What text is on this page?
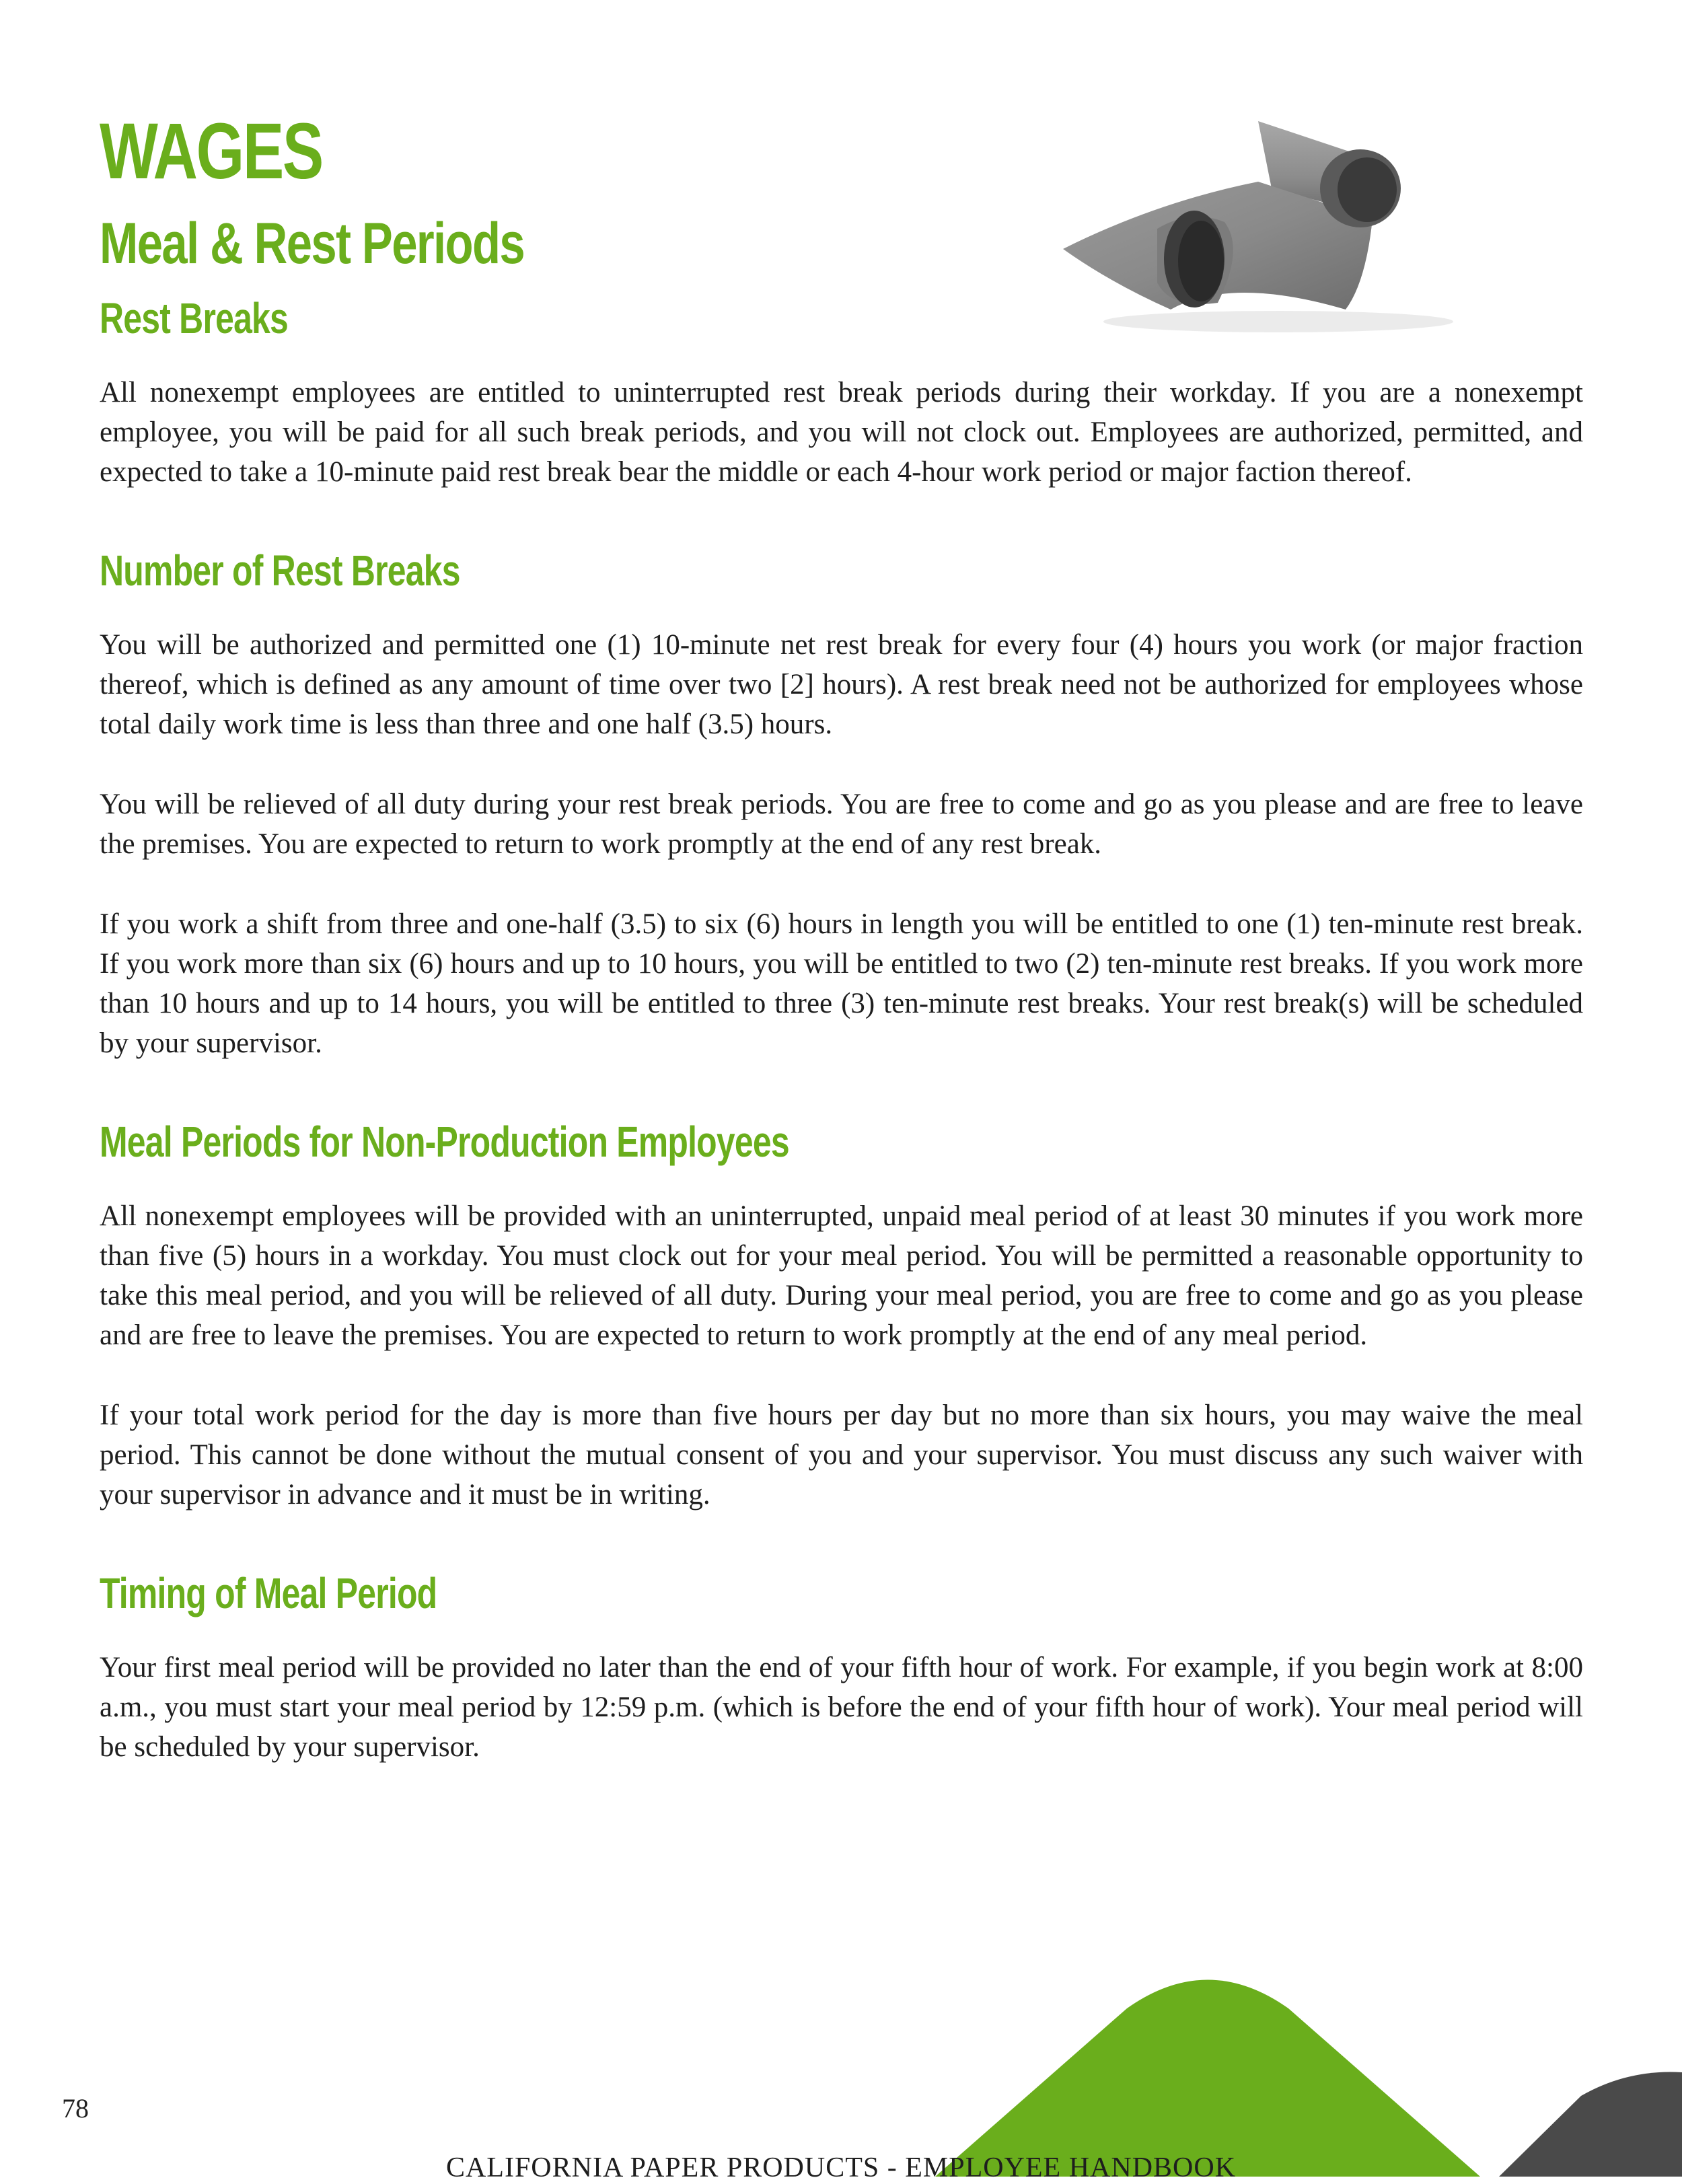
WAGES
Meal & Rest Periods
Rest Breaks

All nonexempt employees are entitled to uninterrupted rest break periods during their workday. If you are a nonexempt employee, you will be paid for all such break periods, and you will not clock out. Employees are authorized, permitted, and expected to take a 10-minute paid rest break bear the middle or each 4-hour work period or major faction thereof.

Number of Rest Breaks

You will be authorized and permitted one (1) 10-minute net rest break for every four (4) hours you work (or major fraction thereof, which is defined as any amount of time over two [2] hours). A rest break need not be authorized for employees whose total daily work time is less than three and one half (3.5) hours.

You will be relieved of all duty during your rest break periods. You are free to come and go as you please and are free to leave the premises. You are expected to return to work promptly at the end of any rest break.

If you work a shift from three and one-half (3.5) to six (6) hours in length you will be entitled to one (1) ten-minute rest break. If you work more than six (6) hours and up to 10 hours, you will be entitled to two (2) ten-minute rest breaks. If you work more than 10 hours and up to 14 hours, you will be entitled to three (3) ten-minute rest breaks. Your rest break(s) will be scheduled by your supervisor.

Meal Periods for Non-Production Employees

All nonexempt employees will be provided with an uninterrupted, unpaid meal period of at least 30 minutes if you work more than five (5) hours in a workday. You must clock out for your meal period. You will be permitted a reasonable opportunity to take this meal period, and you will be relieved of all duty. During your meal period, you are free to come and go as you please and are free to leave the premises. You are expected to return to work promptly at the end of any meal period.

If your total work period for the day is more than five hours per day but no more than six hours, you may waive the meal period. This cannot be done without the mutual consent of you and your supervisor. You must discuss any such waiver with your supervisor in advance and it must be in writing.

Timing of Meal Period

Your first meal period will be provided no later than the end of your fifth hour of work. For example, if you begin work at 8:00 a.m., you must start your meal period by 12:59 p.m. (which is before the end of your fifth hour of work). Your meal period will be scheduled by your supervisor.

78
CALIFORNIA PAPER PRODUCTS - EMPLOYEE HANDBOOK
